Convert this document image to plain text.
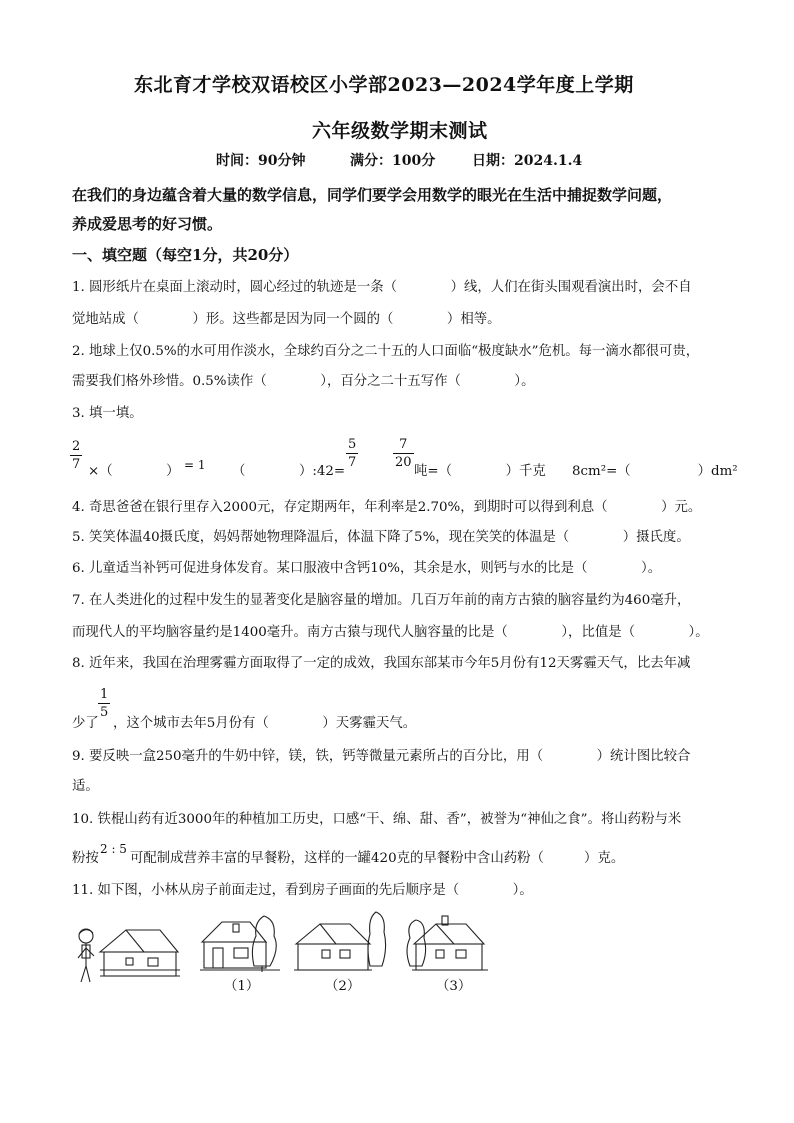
东北育才学校双语校区小学部2023—2024学年度上学期
六年级数学期末测试
时间：90分钟	满分：100分	日期：2024.1.4
在我们的身边蕴含着大量的数学信息，同学们要学会用数学的眼光在生活中捕捉数学问题，
养成爱思考的好习惯。
一、填空题（每空1分，共20分）
1. 圆形纸片在桌面上滚动时，圆心经过的轨迹是一条（　　　　）线，人们在街头围观看演出时，会不自
觉地站成（　　　　）形。这些都是因为同一个圆的（　　　　）相等。
2. 地球上仅0.5%的水可用作淡水，全球约百分之二十五的人口面临“极度缺水”危机。每一滴水都很可贵，
需要我们格外珍惜。0.5%读作（　　　　），百分之二十五写作（　　　　）。
3. 填一填。
2
7 ×（　　　　） = 1 （　　　　）:42=
5
7
7
20
吨=（　　　　）千克 8cm²=（　　　　　）dm²
4. 奇思爸爸在银行里存入2000元，存定期两年，年利率是2.70%，到期时可以得到利息（　　　　）元。
5. 笑笑体温40摄氏度，妈妈帮她物理降温后，体温下降了5%，现在笑笑的体温是（　　　　）摄氏度。
6. 儿童适当补钙可促进身体发育。某口服液中含钙10%，其余是水，则钙与水的比是（　　　　）。
7. 在人类进化的过程中发生的显著变化是脑容量的增加。几百万年前的南方古猿的脑容量约为460毫升，
而现代人的平均脑容量约是1400毫升。南方古猿与现代人脑容量的比是（　　　　），比值是（　　　　）。
8. 近年来，我国在治理雾霾方面取得了一定的成效，我国东部某市今年5月份有12天雾霾天气，比去年减
少了
1
5
，这个城市去年5月份有（　　　　）天雾霾天气。
9. 要反映一盒250毫升的牛奶中锌，镁，铁，钙等微量元素所占的百分比，用（　　　　）统计图比较合
适。
10. 铁棍山药有近3000年的种植加工历史，口感“干、绵、甜、香”，被誉为“神仙之食”。将山药粉与米
粉按
2 : 5
可配制成营养丰富的早餐粉，这样的一罐420克的早餐粉中含山药粉（　　　）克。
11. 如下图，小林从房子前面走过，看到房子画面的先后顺序是（　　　　）。
（1）	（2）	（3）
